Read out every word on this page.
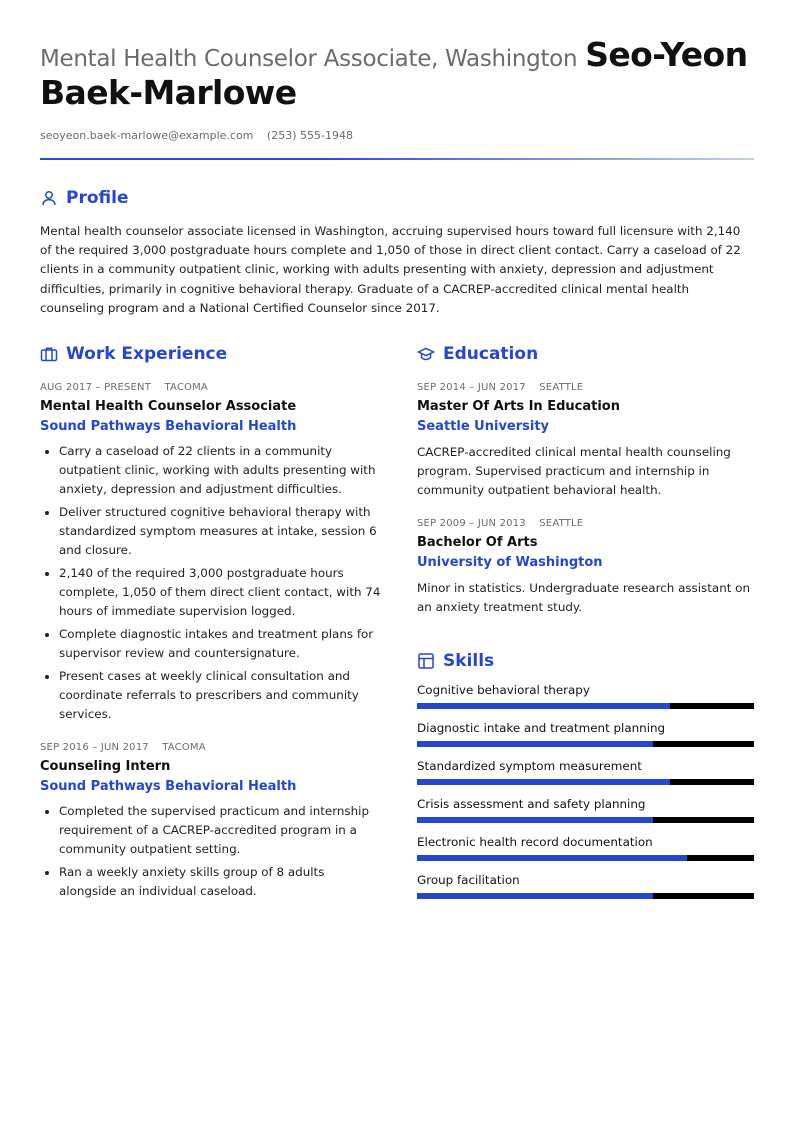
Mental Health Counselor Associate, Washington Seo-Yeon Baek-Marlowe
seoyeon.baek-marlowe@example.com (253) 555-1948
Profile

Mental health counselor associate licensed in Washington, accruing supervised hours toward full licensure with 2,140 of the required 3,000 postgraduate hours complete and 1,050 of those in direct client contact. Carry a caseload of 22 clients in a community outpatient clinic, working with adults presenting with anxiety, depression and adjustment difficulties, primarily in cognitive behavioral therapy. Graduate of a CACREP-accredited clinical mental health counseling program and a National Certified Counselor since 2017.

Work Experience
AUG 2017 – PRESENT TACOMA
Mental Health Counselor Associate
Sound Pathways Behavioral Health
• Carry a caseload of 22 clients in a community outpatient clinic, working with adults presenting with anxiety, depression and adjustment difficulties.
• Deliver structured cognitive behavioral therapy with standardized symptom measures at intake, session 6 and closure.
• 2,140 of the required 3,000 postgraduate hours complete, 1,050 of them direct client contact, with 74 hours of immediate supervision logged.
• Complete diagnostic intakes and treatment plans for supervisor review and countersignature.
• Present cases at weekly clinical consultation and coordinate referrals to prescribers and community services.
SEP 2016 – JUN 2017 TACOMA
Counseling Intern
Sound Pathways Behavioral Health
• Completed the supervised practicum and internship requirement of a CACREP-accredited program in a community outpatient setting.
• Ran a weekly anxiety skills group of 8 adults alongside an individual caseload.
Education
SEP 2014 – JUN 2017 SEATTLE
Master Of Arts In Education
Seattle University
CACREP-accredited clinical mental health counseling program. Supervised practicum and internship in community outpatient behavioral health.
SEP 2009 – JUN 2013 SEATTLE
Bachelor Of Arts
University of Washington
Minor in statistics. Undergraduate research assistant on an anxiety treatment study.
Skills
Cognitive behavioral therapy
Diagnostic intake and treatment planning
Standardized symptom measurement
Crisis assessment and safety planning
Electronic health record documentation
Group facilitation
